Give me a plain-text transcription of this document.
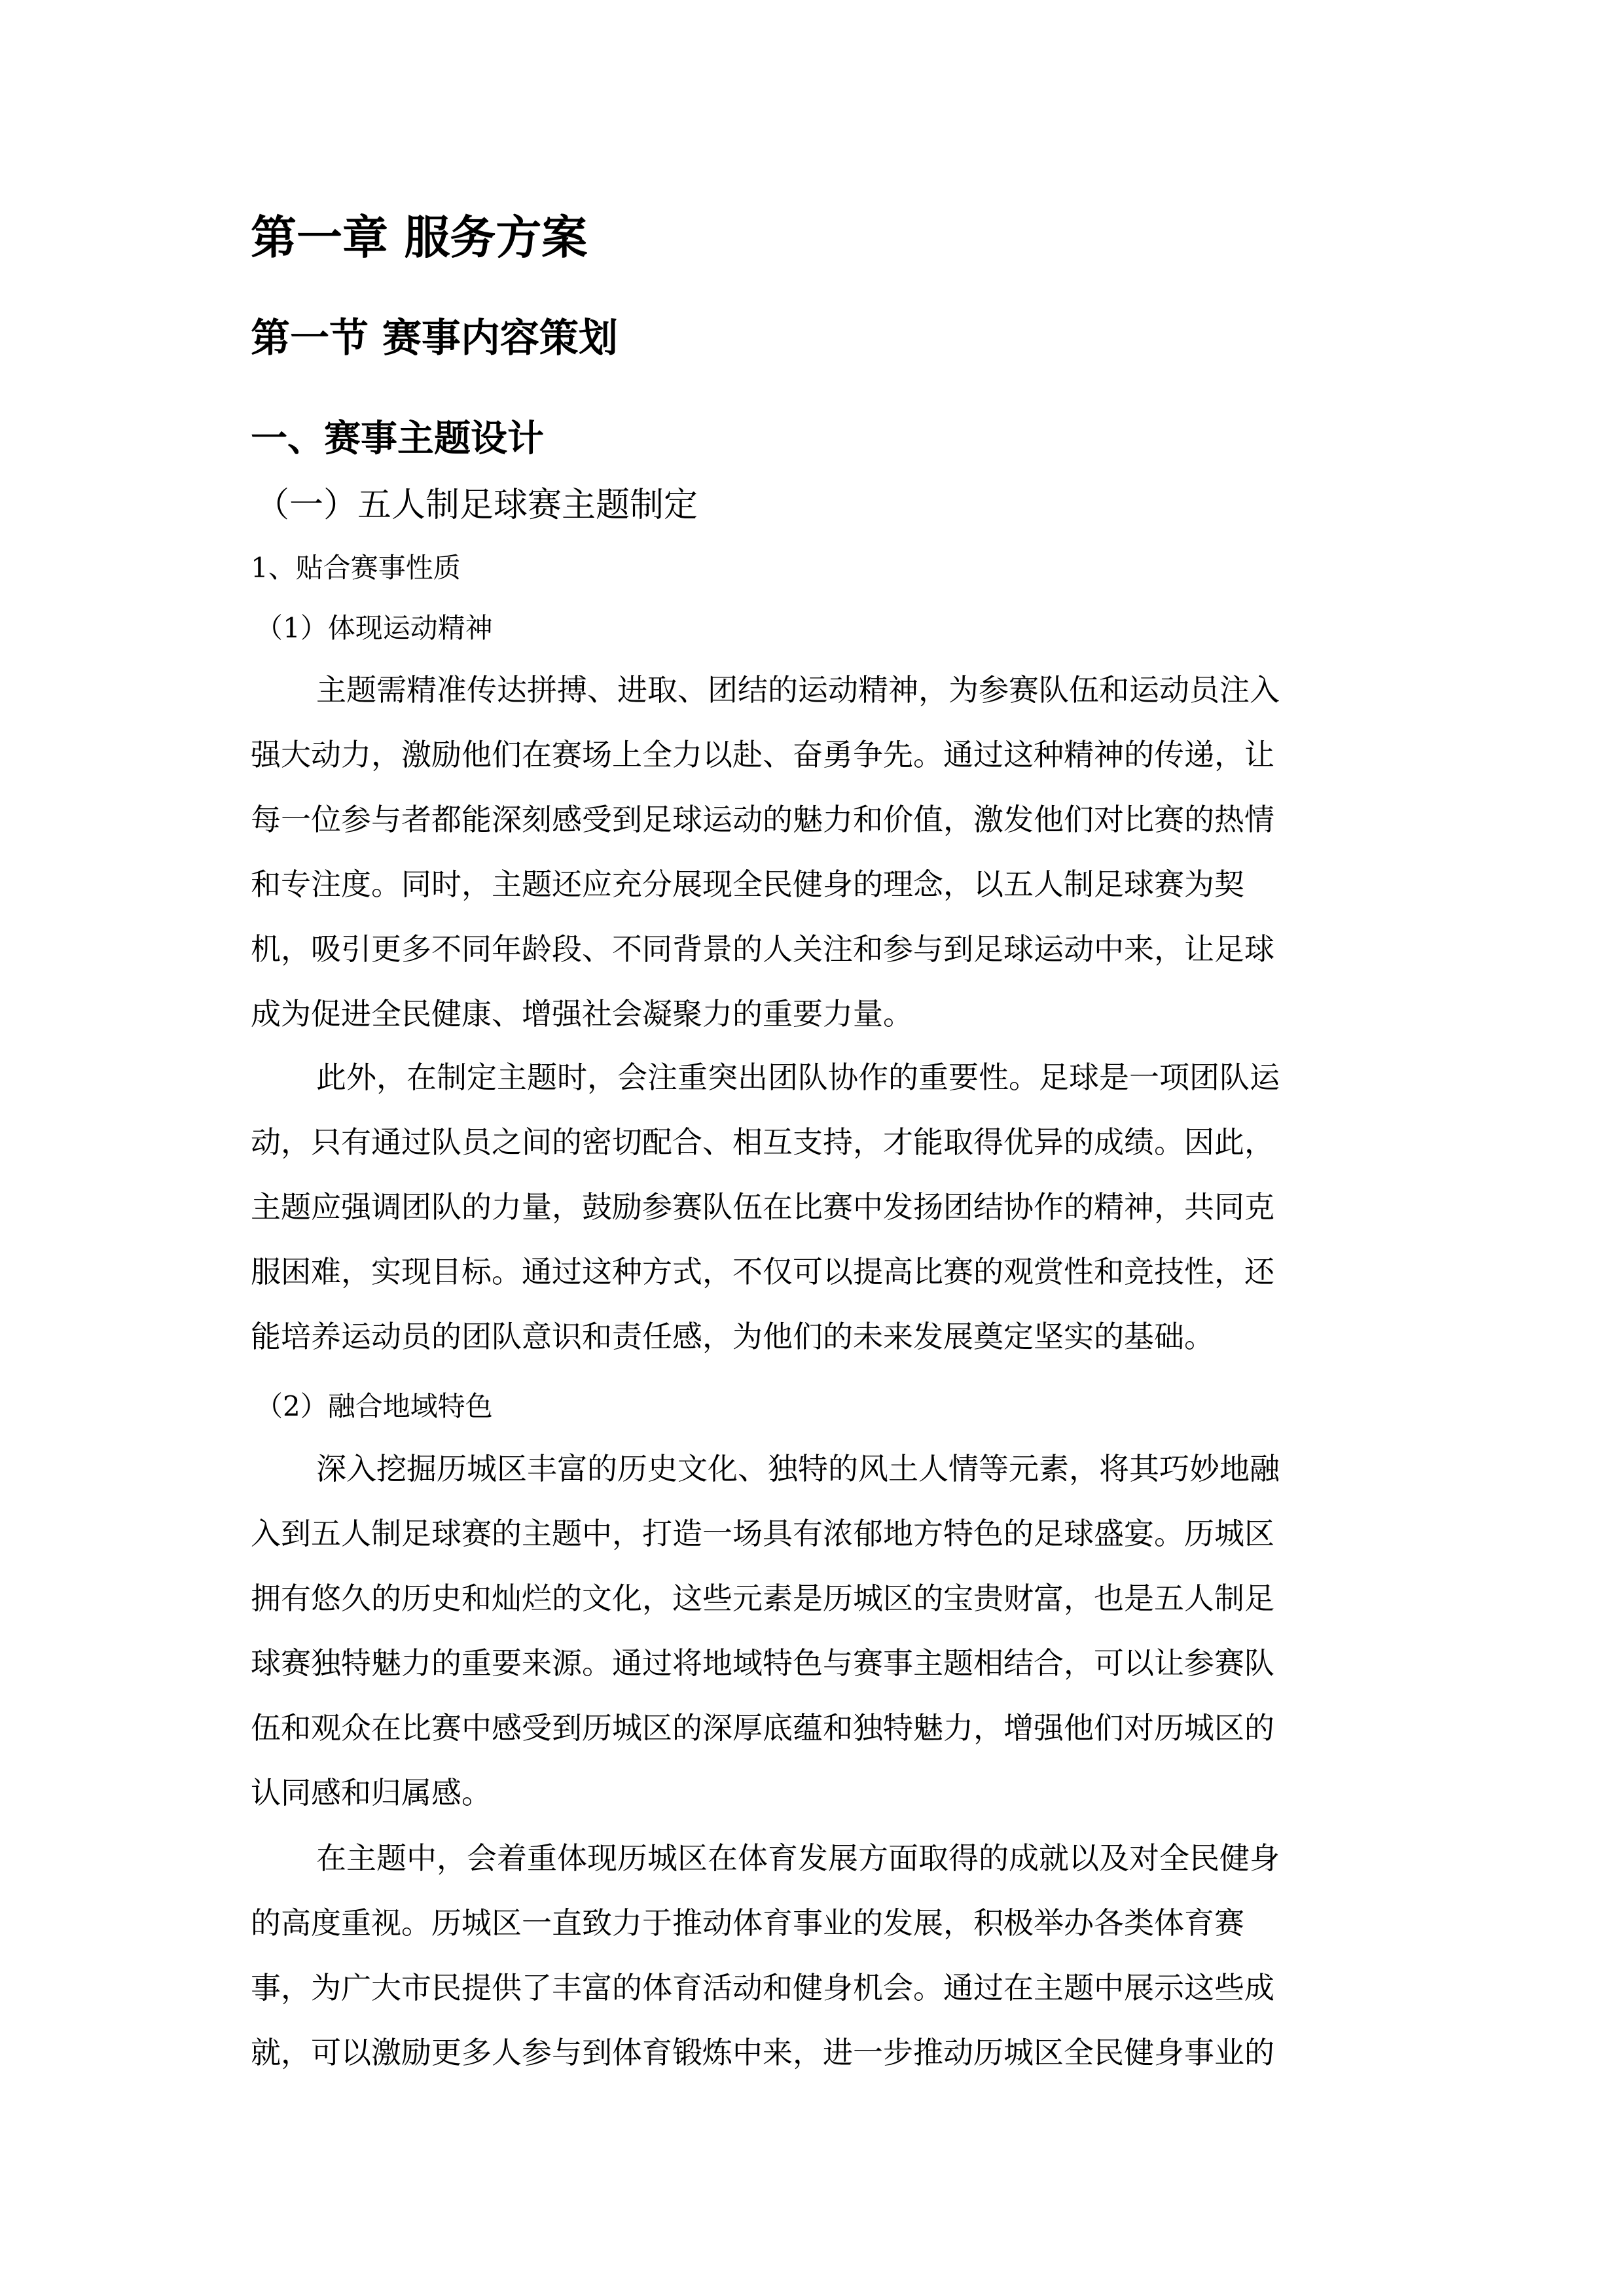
第一章 服务方案
第一节 赛事内容策划
一、赛事主题设计
（一）五人制足球赛主题制定
1、贴合赛事性质
（1）体现运动精神
主题需精准传达拼搏、进取、团结的运动精神，为参赛队伍和运动员注入
强大动力，激励他们在赛场上全力以赴、奋勇争先。通过这种精神的传递，让
每一位参与者都能深刻感受到足球运动的魅力和价值，激发他们对比赛的热情
和专注度。同时，主题还应充分展现全民健身的理念，以五人制足球赛为契
机，吸引更多不同年龄段、不同背景的人关注和参与到足球运动中来，让足球
成为促进全民健康、增强社会凝聚力的重要力量。
此外，在制定主题时，会注重突出团队协作的重要性。足球是一项团队运
动，只有通过队员之间的密切配合、相互支持，才能取得优异的成绩。因此，
主题应强调团队的力量，鼓励参赛队伍在比赛中发扬团结协作的精神，共同克
服困难，实现目标。通过这种方式，不仅可以提高比赛的观赏性和竞技性，还
能培养运动员的团队意识和责任感，为他们的未来发展奠定坚实的基础。
（2）融合地域特色
深入挖掘历城区丰富的历史文化、独特的风土人情等元素，将其巧妙地融
入到五人制足球赛的主题中，打造一场具有浓郁地方特色的足球盛宴。历城区
拥有悠久的历史和灿烂的文化，这些元素是历城区的宝贵财富，也是五人制足
球赛独特魅力的重要来源。通过将地域特色与赛事主题相结合，可以让参赛队
伍和观众在比赛中感受到历城区的深厚底蕴和独特魅力，增强他们对历城区的
认同感和归属感。
在主题中，会着重体现历城区在体育发展方面取得的成就以及对全民健身
的高度重视。历城区一直致力于推动体育事业的发展，积极举办各类体育赛
事，为广大市民提供了丰富的体育活动和健身机会。通过在主题中展示这些成
就，可以激励更多人参与到体育锻炼中来，进一步推动历城区全民健身事业的
